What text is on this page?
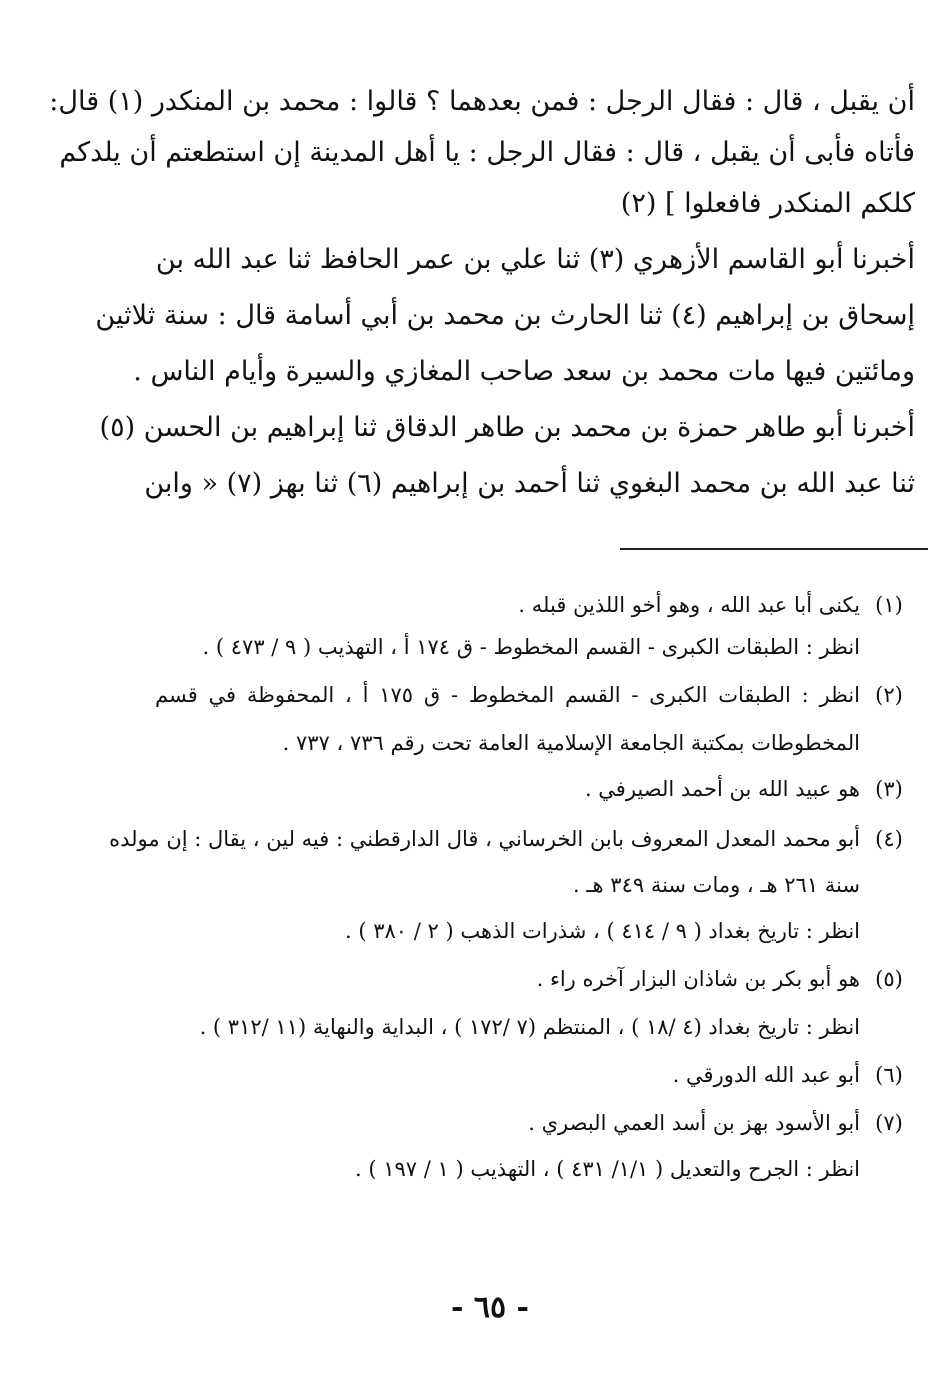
أن يقبل ، قال : فقال الرجل : فمن بعدهما ؟ قالوا : محمد بن المنكدر (١) قال:
فأتاه فأبى أن يقبل ، قال : فقال الرجل : يا أهل المدينة إن استطعتم أن يلدكم
كلكم المنكدر فافعلوا ] (٢)
أخبرنا أبو القاسم الأزهري (٣) ثنا علي بن عمر الحافظ ثنا عبد الله بن
إسحاق بن إبراهيم (٤) ثنا الحارث بن محمد بن أبي أسامة قال : سنة ثلاثين
ومائتين فيها مات محمد بن سعد صاحب المغازي والسيرة وأيام الناس .
أخبرنا أبو طاهر حمزة بن محمد بن طاهر الدقاق ثنا إبراهيم بن الحسن (٥)
ثنا عبد الله بن محمد البغوي ثنا أحمد بن إبراهيم (٦) ثنا بهز (٧) « وابن
(١)
يكنى أبا عبد الله ، وهو أخو اللذين قبله .
انظر : الطبقات الكبرى - القسم المخطوط - ق ١٧٤ أ ، التهذيب ( ٩ / ٤٧٣ ) .
(٢)
انظر : الطبقات الكبرى - القسم المخطوط - ق ١٧٥ أ ، المحفوظة في قسم
المخطوطات بمكتبة الجامعة الإسلامية العامة تحت رقم ٧٣٦ ، ٧٣٧ .
(٣)
هو عبيد الله بن أحمد الصيرفي .
(٤)
أبو محمد المعدل المعروف بابن الخرساني ، قال الدارقطني : فيه لين ، يقال : إن مولده
سنة ٢٦١ هـ ، ومات سنة ٣٤٩ هـ .
انظر : تاريخ بغداد ( ٩ / ٤١٤ ) ، شذرات الذهب ( ٢ / ٣٨٠ ) .
(٥)
هو أبو بكر بن شاذان البزار آخره راء .
انظر : تاريخ بغداد (٤ /١٨ ) ، المنتظم (٧ /١٧٢ ) ، البداية والنهاية (١١ /٣١٢ ) .
(٦)
أبو عبد الله الدورقي .
(٧)
أبو الأسود بهز بن أسد العمي البصري .
انظر : الجرح والتعديل ( ١/١/ ٤٣١ ) ، التهذيب ( ١ / ١٩٧ ) .
- ٦٥ -
